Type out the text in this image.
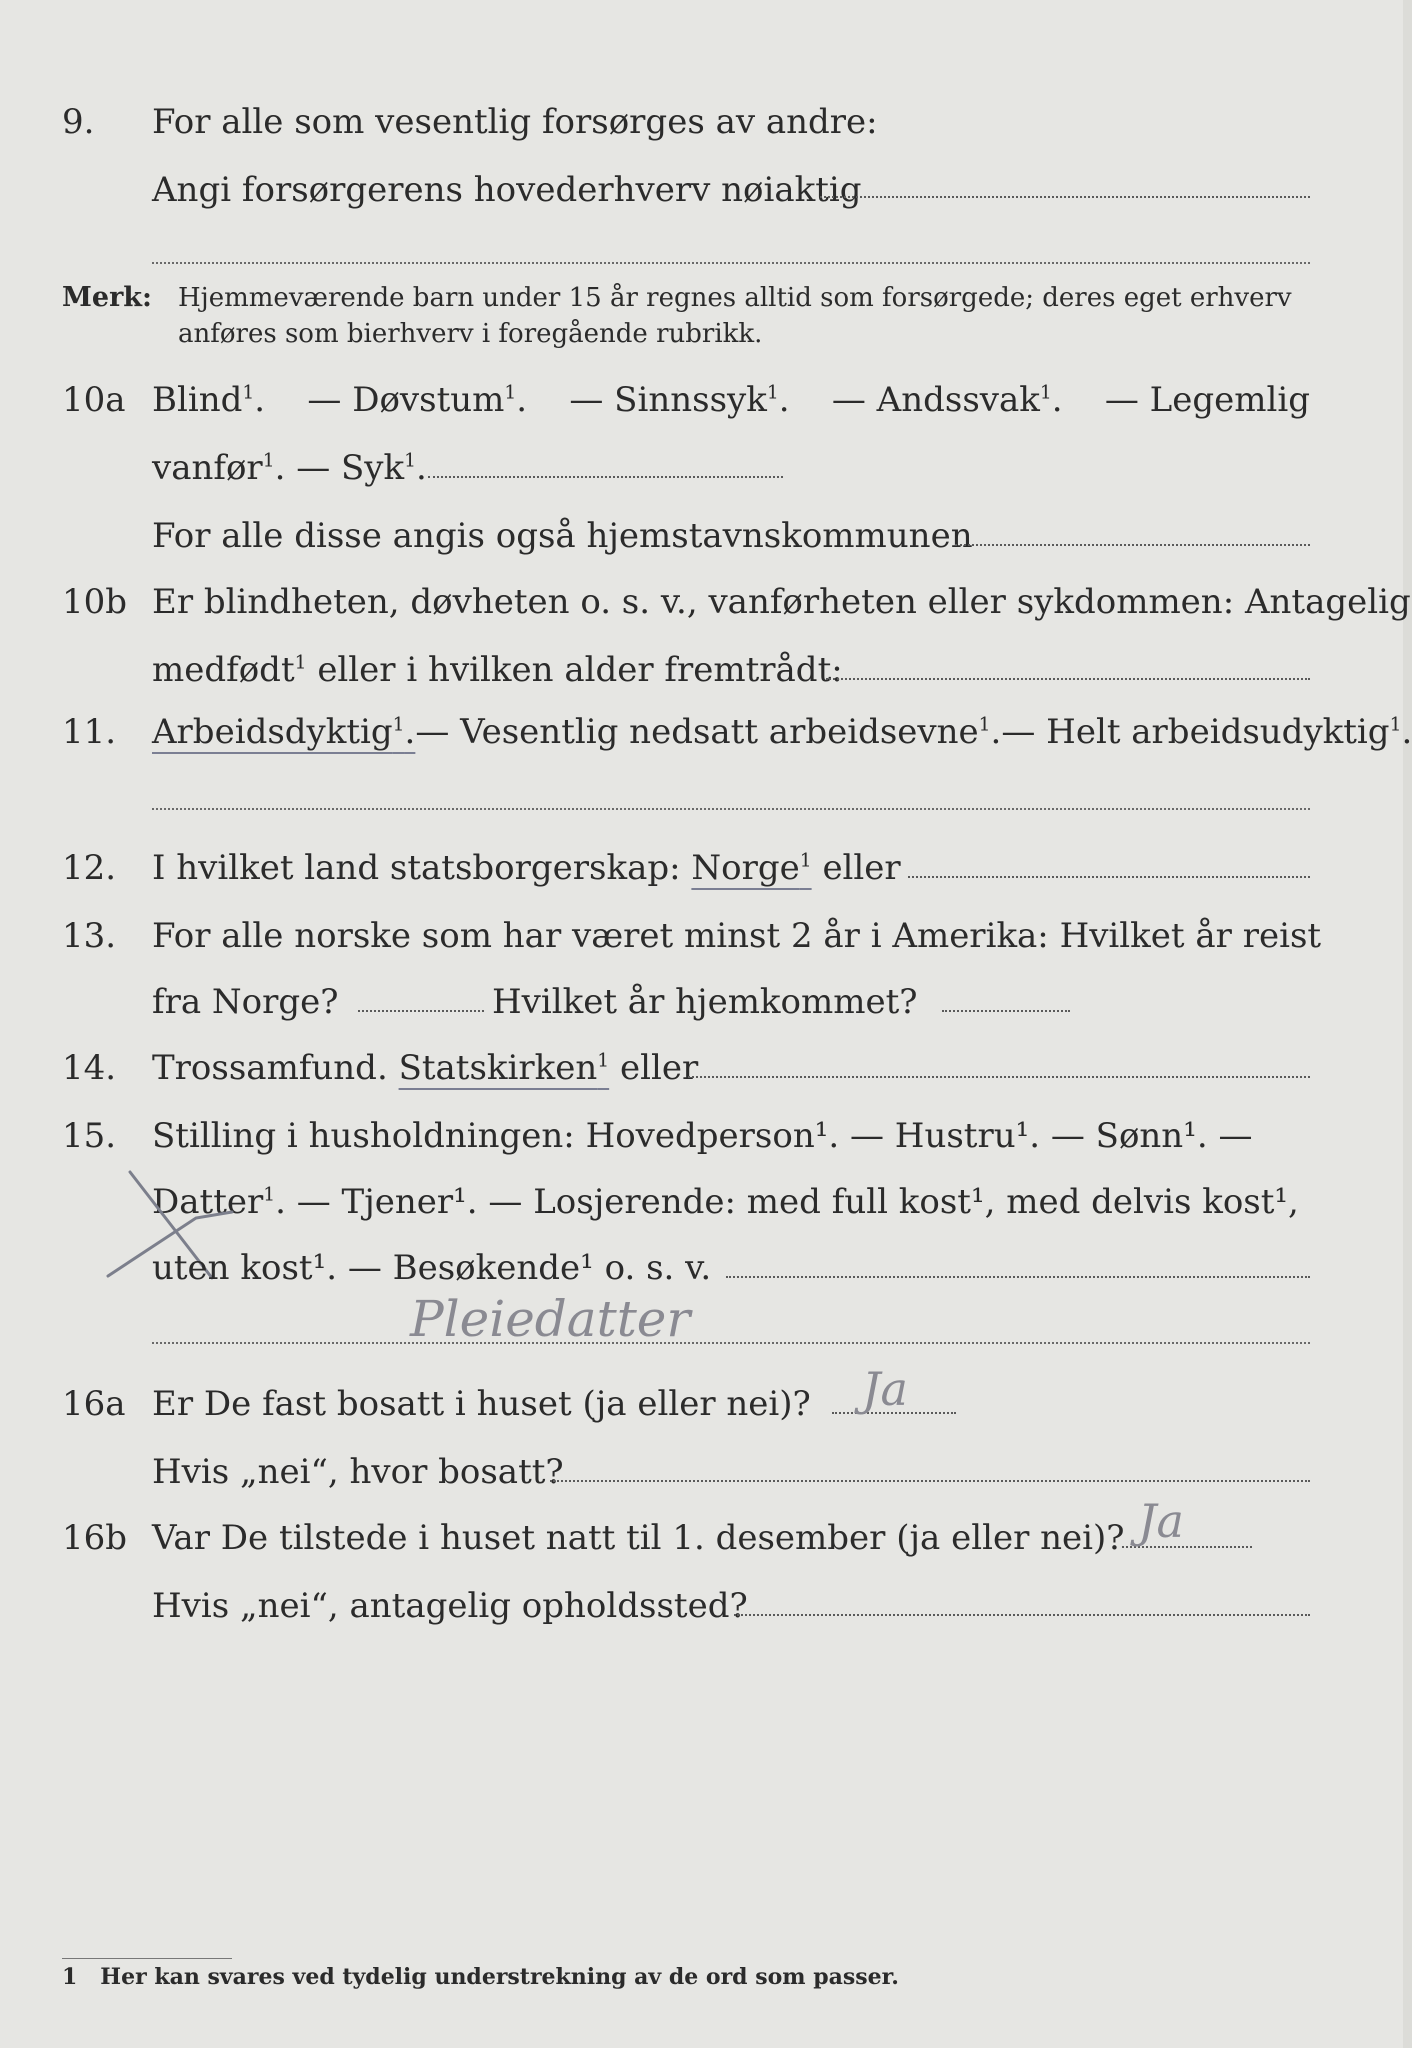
9. For alle som vesentlig forsørges av andre:
Angi forsørgerens hovederhverv nøiaktig
Merk: Hjemmeværende barn under 15 år regnes alltid som forsørgede; deres eget erhverv anføres som bierhverv i foregående rubrikk.
10a Blind$^1$. — Døvstum$^1$. — Sinnssyk$^1$. — Andssvak$^1$. — Legemlig
vanfør$^1$. — Syk$^1$.
For alle disse angis også hjemstavnskommunen
10b Er blindheten, døvheten o. s. v., vanførheten eller sykdommen: Antagelig
medfødt$^1$ eller i hvilken alder fremtrådt:
11. Arbeidsdyktig$^1$. — Vesentlig nedsatt arbeidsevne$^1$. — Helt arbeidsudyktig$^1$.
12. I hvilket land statsborgerskap: Norge$^1$ eller
13. For alle norske som har været minst 2 år i Amerika: Hvilket år reist
fra Norge?	Hvilket år hjemkommet?
14. Trossamfund. Statskirken$^1$ eller
15. Stilling i husholdningen: Hovedperson¹. — Hustru¹. — Sønn¹. —
Datter$^1$. — Tjener¹. — Losjerende: med full kost¹, med delvis kost¹,
uten kost¹. — Besøkende¹ o. s. v.
Pleiedatter
16a Er De fast bosatt i huset (ja eller nei)? Ja
Hvis „nei“, hvor bosatt?
16b Var De tilstede i huset natt til 1. desember (ja eller nei)? Ja
Hvis „nei“, antagelig opholdssted?
1 Her kan svares ved tydelig understrekning av de ord som passer.
